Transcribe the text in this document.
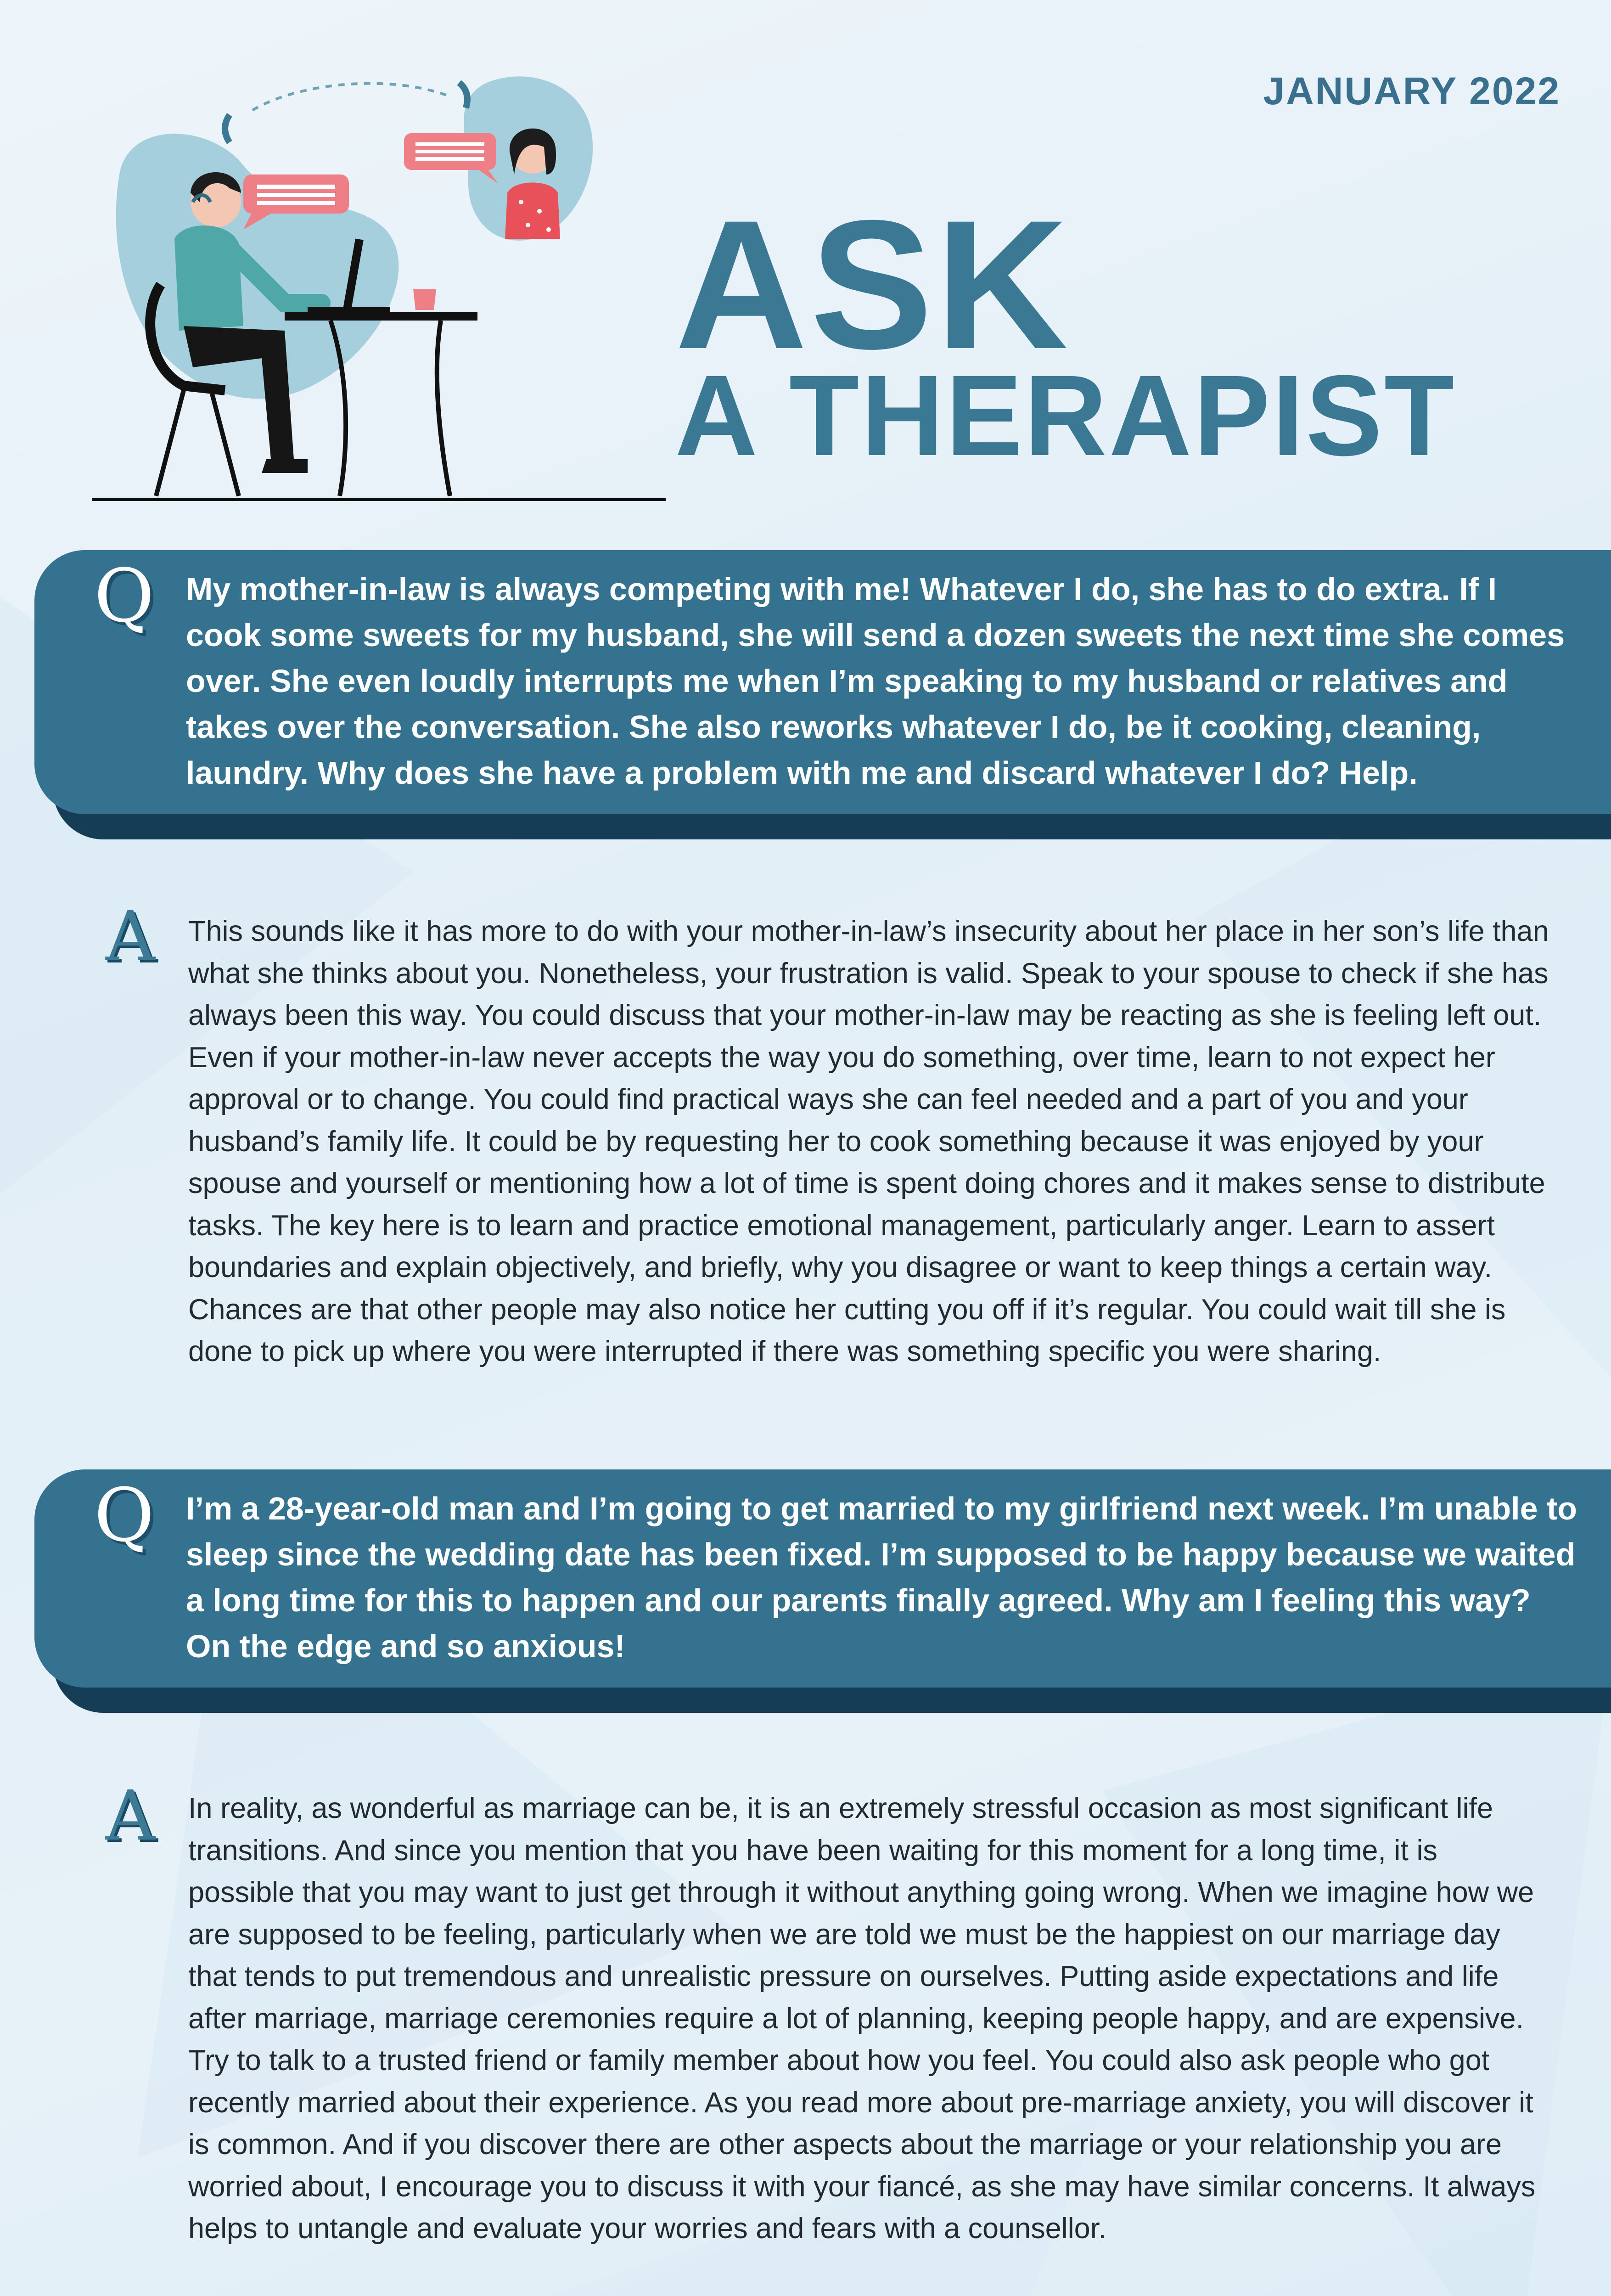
JANUARY 2022
ASK
A THERAPIST
Q My mother-in-law is always competing with me! Whatever I do, she has to do extra. If I cook some sweets for my husband, she will send a dozen sweets the next time she comes over. She even loudly interrupts me when I’m speaking to my husband or relatives and takes over the conversation. She also reworks whatever I do, be it cooking, cleaning, laundry. Why does she have a problem with me and discard whatever I do? Help.
A This sounds like it has more to do with your mother-in-law’s insecurity about her place in her son’s life than what she thinks about you. Nonetheless, your frustration is valid. Speak to your spouse to check if she has always been this way. You could discuss that your mother-in-law may be reacting as she is feeling left out. Even if your mother-in-law never accepts the way you do something, over time, learn to not expect her approval or to change. You could find practical ways she can feel needed and a part of you and your husband’s family life. It could be by requesting her to cook something because it was enjoyed by your spouse and yourself or mentioning how a lot of time is spent doing chores and it makes sense to distribute tasks. The key here is to learn and practice emotional management, particularly anger. Learn to assert boundaries and explain objectively, and briefly, why you disagree or want to keep things a certain way. Chances are that other people may also notice her cutting you off if it’s regular. You could wait till she is done to pick up where you were interrupted if there was something specific you were sharing.
Q I’m a 28-year-old man and I’m going to get married to my girlfriend next week. I’m unable to sleep since the wedding date has been fixed. I’m supposed to be happy because we waited a long time for this to happen and our parents finally agreed. Why am I feeling this way? On the edge and so anxious!
A In reality, as wonderful as marriage can be, it is an extremely stressful occasion as most significant life transitions. And since you mention that you have been waiting for this moment for a long time, it is possible that you may want to just get through it without anything going wrong. When we imagine how we are supposed to be feeling, particularly when we are told we must be the happiest on our marriage day that tends to put tremendous and unrealistic pressure on ourselves. Putting aside expectations and life after marriage, marriage ceremonies require a lot of planning, keeping people happy, and are expensive. Try to talk to a trusted friend or family member about how you feel. You could also ask people who got recently married about their experience. As you read more about pre-marriage anxiety, you will discover it is common. And if you discover there are other aspects about the marriage or your relationship you are worried about, I encourage you to discuss it with your fiancé, as she may have similar concerns. It always helps to untangle and evaluate your worries and fears with a counsellor.
